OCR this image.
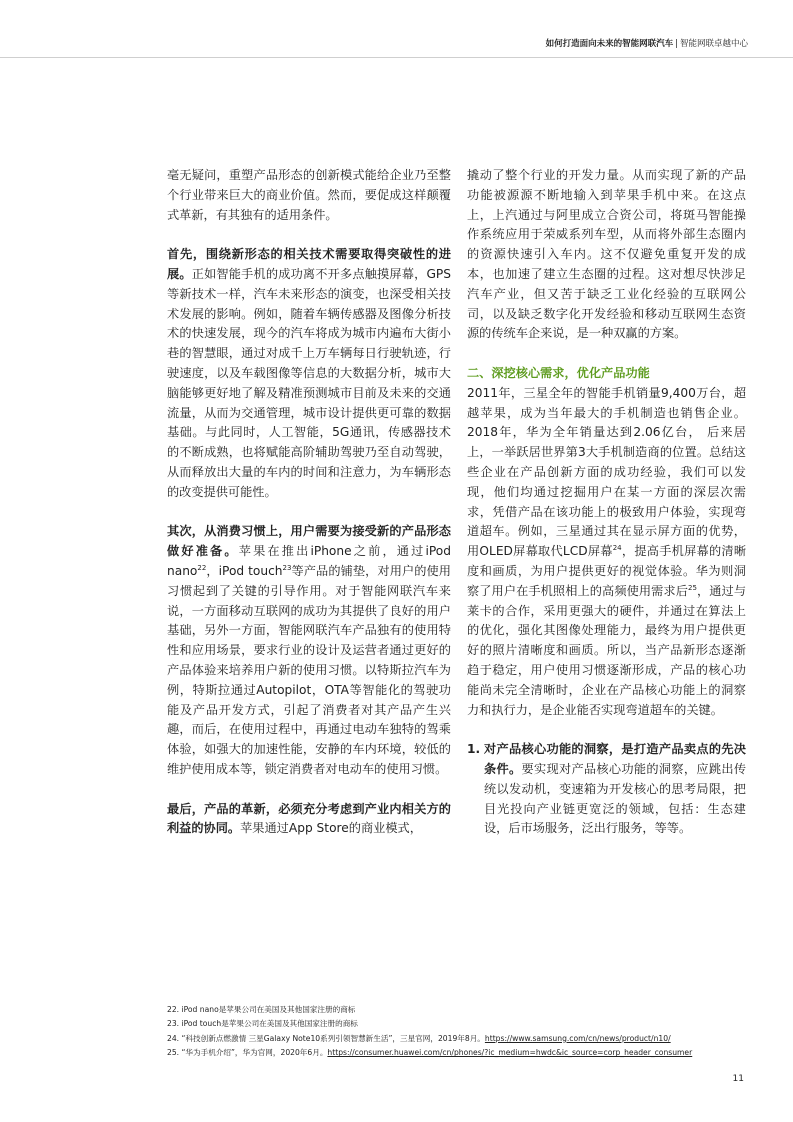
如何打造面向未来的智能网联汽车 | 智能网联卓越中心

毫无疑问，重塑产品形态的创新模式能给企业乃至整个行业带来巨大的商业价值。然而，要促成这样颠覆式革新，有其独有的适用条件。

首先，围绕新形态的相关技术需要取得突破性的进展。正如智能手机的成功离不开多点触摸屏幕，GPS等新技术一样，汽车未来形态的演变，也深受相关技术发展的影响。例如，随着车辆传感器及图像分析技术的快速发展，现今的汽车将成为城市内遍布大街小巷的智慧眼，通过对成千上万车辆每日行驶轨迹，行驶速度，以及车载图像等信息的大数据分析，城市大脑能够更好地了解及精准预测城市目前及未来的交通流量，从而为交通管理，城市设计提供更可靠的数据基础。与此同时，人工智能，5G通讯，传感器技术的不断成熟，也将赋能高阶辅助驾驶乃至自动驾驶，从而释放出大量的车内的时间和注意力，为车辆形态的改变提供可能性。

其次，从消费习惯上，用户需要为接受新的产品形态做好准备。苹果在推出iPhone之前，通过iPod nano$^{22}$，iPod touch$^{23}$等产品的铺垫，对用户的使用习惯起到了关键的引导作用。对于智能网联汽车来说，一方面移动互联网的成功为其提供了良好的用户基础，另外一方面，智能网联汽车产品独有的使用特性和应用场景，要求行业的设计及运营者通过更好的产品体验来培养用户新的使用习惯。以特斯拉汽车为例，特斯拉通过Autopilot，OTA等智能化的驾驶功能及产品开发方式，引起了消费者对其产品产生兴趣，而后，在使用过程中，再通过电动车独特的驾乘体验，如强大的加速性能，安静的车内环境，较低的维护使用成本等，锁定消费者对电动车的使用习惯。

最后，产品的革新，必须充分考虑到产业内相关方的利益的协同。苹果通过App Store的商业模式，

撬动了整个行业的开发力量。从而实现了新的产品功能被源源不断地输入到苹果手机中来。在这点上，上汽通过与阿里成立合资公司，将斑马智能操作系统应用于荣威系列车型，从而将外部生态圈内的资源快速引入车内。这不仅避免重复开发的成本，也加速了建立生态圈的过程。这对想尽快涉足汽车产业，但又苦于缺乏工业化经验的互联网公司，以及缺乏数字化开发经验和移动互联网生态资源的传统车企来说，是一种双赢的方案。

二、深挖核心需求，优化产品功能

2011年，三星全年的智能手机销量9,400万台，超越苹果，成为当年最大的手机制造也销售企业。2018年，华为全年销量达到2.06亿台， 后来居上，一举跃居世界第3大手机制造商的位置。总结这些企业在产品创新方面的成功经验，我们可以发现，他们均通过挖掘用户在某一方面的深层次需求，凭借产品在该功能上的极致用户体验，实现弯道超车。例如，三星通过其在显示屏方面的优势，用OLED屏幕取代LCD屏幕$^{24}$，提高手机屏幕的清晰度和画质，为用户提供更好的视觉体验。华为则洞察了用户在手机照相上的高频使用需求后$^{25}$，通过与莱卡的合作，采用更强大的硬件，并通过在算法上的优化，强化其图像处理能力，最终为用户提供更好的照片清晰度和画质。所以，当产品新形态逐渐趋于稳定，用户使用习惯逐渐形成，产品的核心功能尚未完全清晰时，企业在产品核心功能上的洞察力和执行力，是企业能否实现弯道超车的关键。

1. 对产品核心功能的洞察，是打造产品卖点的先决条件。要实现对产品核心功能的洞察，应跳出传统以发动机，变速箱为开发核心的思考局限，把目光投向产业链更宽泛的领域，包括：生态建设，后市场服务，泛出行服务，等等。
22. iPod nano是苹果公司在美国及其他国家注册的商标
23. iPod touch是苹果公司在美国及其他国家注册的商标
24. “科技创新点燃激情 三星Galaxy Note10系列引领智慧新生活”，三星官网，2019年8月。https://www.samsung.com/cn/news/product/n10/
25. “华为手机介绍”，华为官网，2020年6月。https://consumer.huawei.com/cn/phones/?ic_medium=hwdc&ic_source=corp_header_consumer
11
